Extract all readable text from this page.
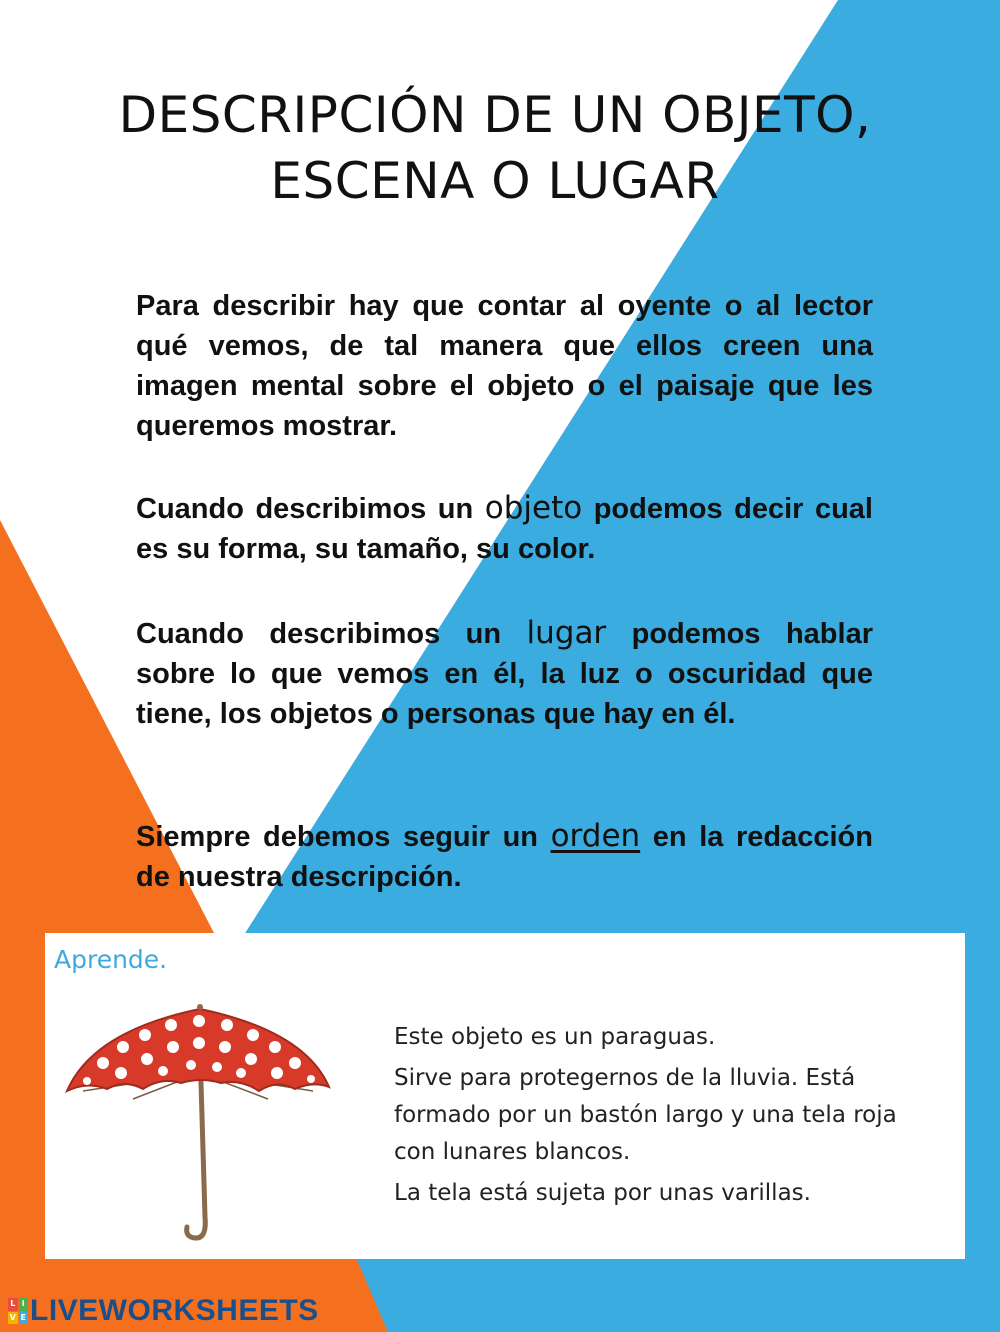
DESCRIPCIÓN DE UN OBJETO,
ESCENA O LUGAR
Para describir hay que contar al oyente o al lector qué vemos, de tal manera que ellos creen una imagen mental sobre el objeto o el paisaje que les queremos mostrar.
Cuando describimos un objeto podemos decir cual es su forma, su tamaño, su color.
Cuando describimos un lugar podemos hablar sobre lo que vemos en él, la luz o oscuridad que tiene, los objetos o personas que hay en él.
Siempre debemos seguir un orden en la redacción de nuestra descripción.
Aprende.

Este objeto es un paraguas.

Sirve para protegernos de la lluvia. Está formado por un bastón largo y una tela roja con lunares blancos.

La tela está sujeta por unas varillas.

L I
V E LIVEWORKSHEETS
